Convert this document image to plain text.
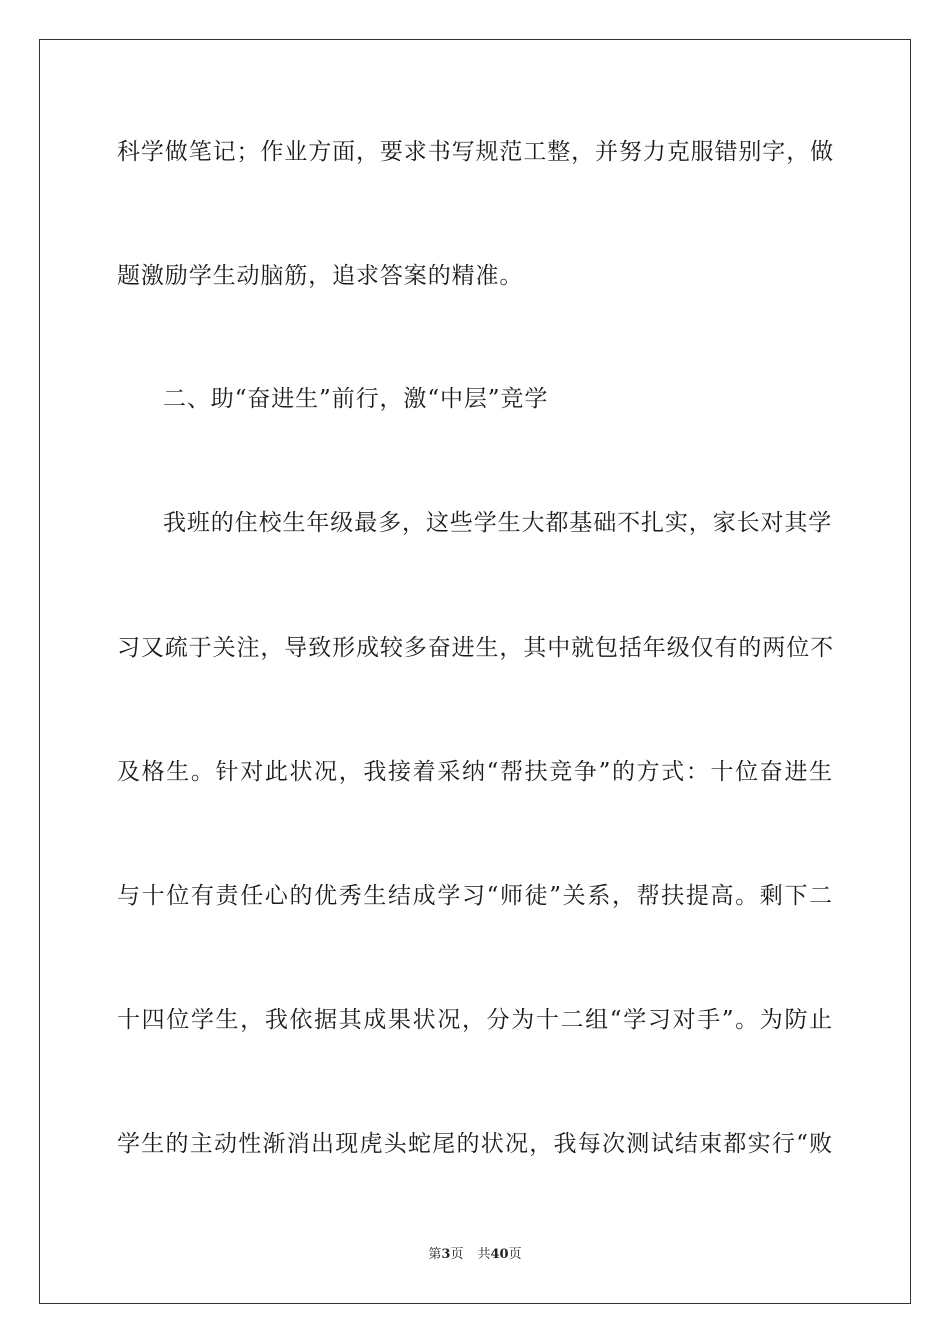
科学做笔记；作业方面，要求书写规范工整，并努力克服错别字，做
题激励学生动脑筋，追求答案的精准。
二、助“奋进生”前行，激“中层”竞学
我班的住校生年级最多，这些学生大都基础不扎实，家长对其学
习又疏于关注，导致形成较多奋进生，其中就包括年级仅有的两位不
及格生。针对此状况，我接着采纳“帮扶竞争”的方式：十位奋进生
与十位有责任心的优秀生结成学习“师徒”关系，帮扶提高。剩下二
十四位学生，我依据其成果状况，分为十二组“学习对手”。为防止
学生的主动性渐消出现虎头蛇尾的状况，我每次测试结束都实行“败
第3页 共40页
